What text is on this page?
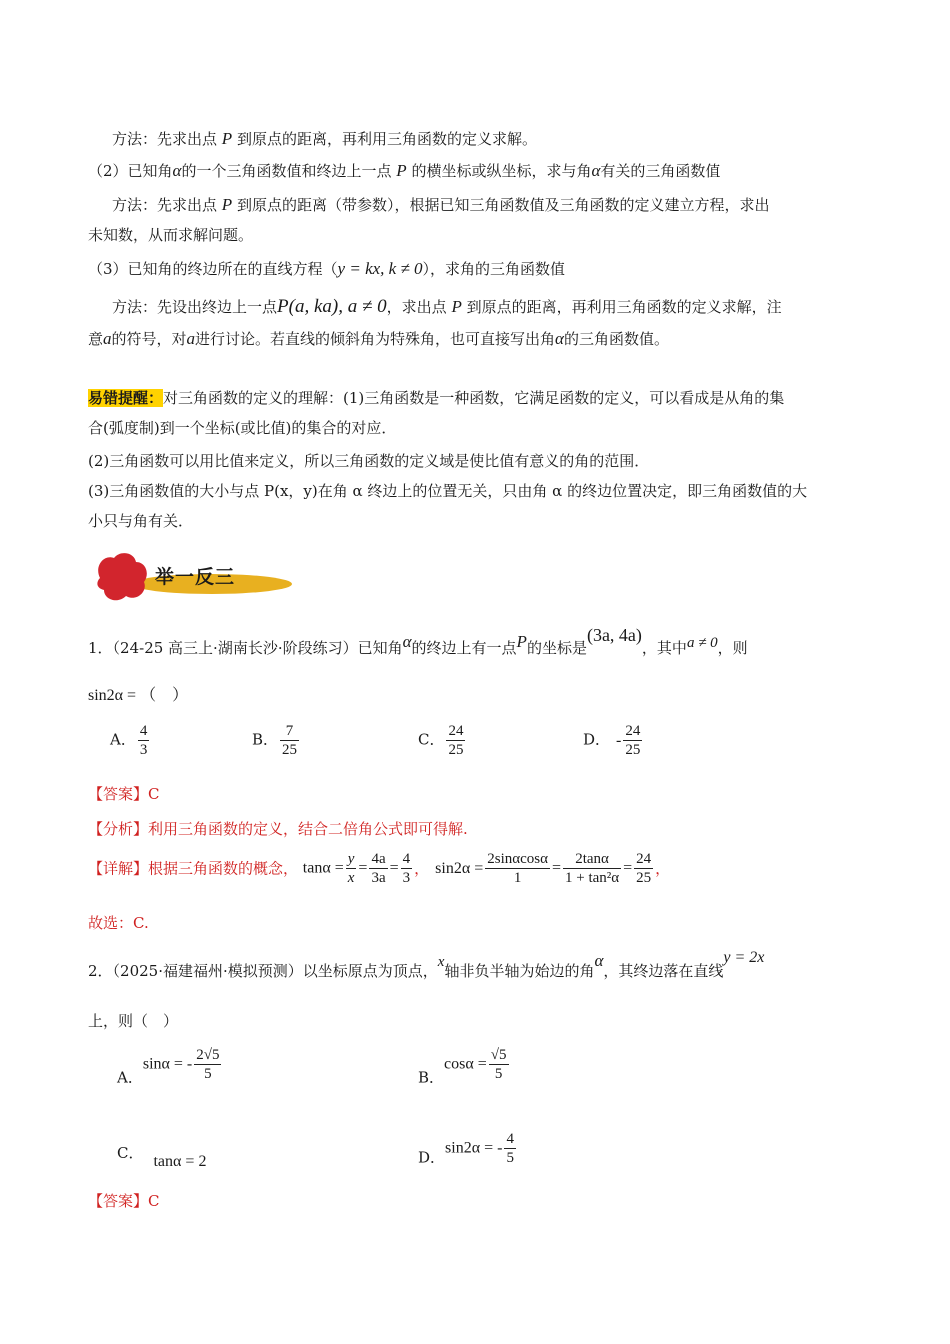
方法：先求出点 P 到原点的距离，再利用三角函数的定义求解。
（2）已知角α的一个三角函数值和终边上一点 P 的横坐标或纵坐标，求与角α有关的三角函数值
方法：先求出点 P 到原点的距离（带参数），根据已知三角函数值及三角函数的定义建立方程，求出
未知数，从而求解问题。
（3）已知角的终边所在的直线方程（y = kx, k ≠ 0），求角的三角函数值
方法：先设出终边上一点P(a, ka), a ≠ 0，求出点 P 到原点的距离，再利用三角函数的定义求解，注
意a的符号，对a进行讨论。若直线的倾斜角为特殊角，也可直接写出角α的三角函数值。
易错提醒：对三角函数的定义的理解：(1)三角函数是一种函数，它满足函数的定义，可以看成是从角的集
合(弧度制)到一个坐标(或比值)的集合的对应．
(2)三角函数可以用比值来定义，所以三角函数的定义域是使比值有意义的角的范围．
(3)三角函数值的大小与点 P(x，y)在角 α 终边上的位置无关，只由角 α 的终边位置决定，即三角函数值的大
小只与角有关．
举一反三
1．（24-25 高三上·湖南长沙·阶段练习）已知角α的终边上有一点P的坐标是(3a, 4a)，其中a ≠ 0，则
sin2α = （　）
A． $\frac{4}{3}$	B． $\frac{7}{25}$	C． $\frac{24}{25}$	D． - $\frac{24}{25}$
【答案】C
【分析】利用三角函数的定义，结合二倍角公式即可得解.
【详解】根据三角函数的概念， $\tan\alpha = \frac{y}{x} = \frac{4a}{3a} = \frac{4}{3}$ ， $\sin 2\alpha = \frac{2\sin\alpha\cos\alpha}{1} = \frac{2\tan\alpha}{\text{1 + tan²α}} = \frac{24}{25}$ ，
故选：C.
2．（2025·福建福州·模拟预测）以坐标原点为顶点，x轴非负半轴为始边的角α，其终边落在直线y = 2x
上，则（　）
A．sinα = - $\frac{2√5}{5}$	B．$\cos\alpha = \frac{√5}{5}$
C． tanα = 2	D．sin2α = - $\frac{4}{5}$
【答案】C
